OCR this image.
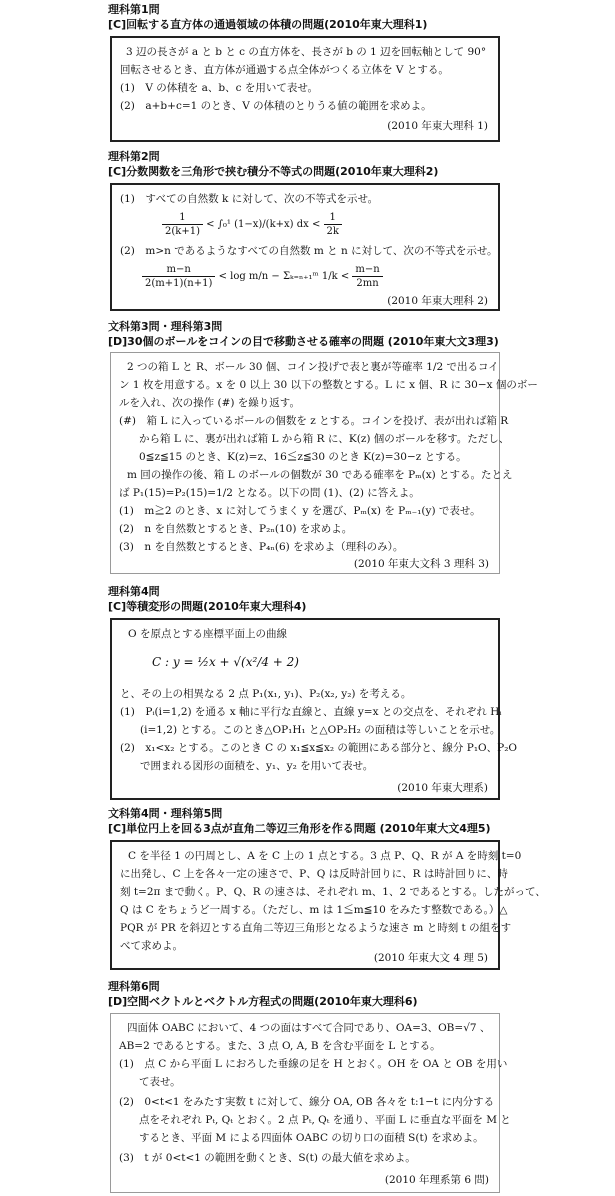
理科第1問
[C]回転する直方体の通過領域の体積の問題(2010年東大理科1)
3 辺の長さが a と b と c の直方体を、長さが b の 1 辺を回転軸として 90°
回転させるとき、直方体が通過する点全体がつくる立体を V とする。
(1)　V の体積を a、b、c を用いて表せ。
(2)　a+b+c=1 のとき、V の体積のとりうる値の範囲を求めよ。
(2010 年東大理科 1)
理科第2問
[C]分数関数を三角形で挟む積分不等式の問題(2010年東大理科2)
(1)　すべての自然数 k に対して、次の不等式を示せ。
$\frac{1}{2(k+1)} < \int_0^1$ (1−x)/(k+x) dx < $\frac{1}{2k}$
(2)　m>n であるようなすべての自然数 m と n に対して、次の不等式を示せ。
$\frac{m-n}{2(m+1)(n+1)} < \log m/n$ − Σₖ₌ₙ₊₁ᵐ $1/k < \frac{m-n}{2mn}$
(2010 年東大理科 2)
文科第3問・理科第3問
[D]30個のボールをコインの目で移動させる確率の問題 (2010年東大文3理3)
2 つの箱 L と R、ボール 30 個、コイン投げで表と裏が等確率 1/2 で出るコイ
ン 1 枚を用意する。x を 0 以上 30 以下の整数とする。L に x 個、R に 30−x 個のボー
ルを入れ、次の操作 (#) を繰り返す。
(#)　箱 L に入っているボールの個数を z とする。コインを投げ、表が出れば箱 R
から箱 L に、裏が出れば箱 L から箱 R に、K(z) 個のボールを移す。ただし、
0≦z≦15 のとき、K(z)=z、16≦z≦30 のとき K(z)=30−z とする。
m 回の操作の後、箱 L のボールの個数が 30 である確率を Pₘ(x) とする。たとえ
ば P₁(15)=P₂(15)=1/2 となる。以下の問 (1)、(2) に答えよ。
(1)　m≧2 のとき、x に対してうまく y を選び、Pₘ(x) を Pₘ₋₁(y) で表せ。
(2)　n を自然数とするとき、P₂ₙ(10) を求めよ。
(3)　n を自然数とするとき、P₄ₙ(6) を求めよ（理科のみ）。
(2010 年東大文科 3 理科 3)
理科第4問
[C]等積変形の問題(2010年東大理科4)
O を原点とする座標平面上の曲線
C : y = ½x + √(x²/4 + 2)
と、その上の相異なる 2 点 P₁(x₁, y₁)、P₂(x₂, y₂) を考える。
(1)　Pᵢ(i=1,2) を通る x 軸に平行な直線と、直線 y=x との交点を、それぞれ Hᵢ
(i=1,2) とする。このとき△OP₁H₁ と△OP₂H₂ の面積は等しいことを示せ。
(2)　x₁<x₂ とする。このとき C の x₁≦x≦x₂ の範囲にある部分と、線分 P₁O、P₂O
で囲まれる図形の面積を、y₁、y₂ を用いて表せ。
(2010 年東大理系)
文科第4問・理科第5問
[C]単位円上を回る3点が直角二等辺三角形を作る問題 (2010年東大文4理5)
C を半径 1 の円周とし、A を C 上の 1 点とする。3 点 P、Q、R が A を時刻 t=0
に出発し、C 上を各々一定の速さで、P、Q は反時計回りに、R は時計回りに、時
刻 t=2π まで動く。P、Q、R の速さは、それぞれ m、1、2 であるとする。したがって、
Q は C をちょうど一周する。（ただし、m は 1≦m≦10 をみたす整数である。）△
PQR が PR を斜辺とする直角二等辺三角形となるような速さ m と時刻 t の組をす
べて求めよ。
(2010 年東大文 4 理 5)
理科第6問
[D]空間ベクトルとベクトル方程式の問題(2010年東大理科6)
四面体 OABC において、4 つの面はすべて合同であり、OA=3、OB=√7 、
AB=2 であるとする。また、3 点 O, A, B を含む平面を L とする。
(1)　点 C から平面 L におろした垂線の足を H とおく。OH を OA と OB を用い
て表せ。
(2)　0<t<1 をみたす実数 t に対して、線分 OA, OB 各々を t:1−t に内分する
点をそれぞれ Pₜ, Qₜ とおく。2 点 Pₜ, Qₜ を通り、平面 L に垂直な平面を M と
するとき、平面 M による四面体 OABC の切り口の面積 S(t) を求めよ。
(3)　t が 0<t<1 の範囲を動くとき、S(t) の最大値を求めよ。
(2010 年理系第 6 問)
